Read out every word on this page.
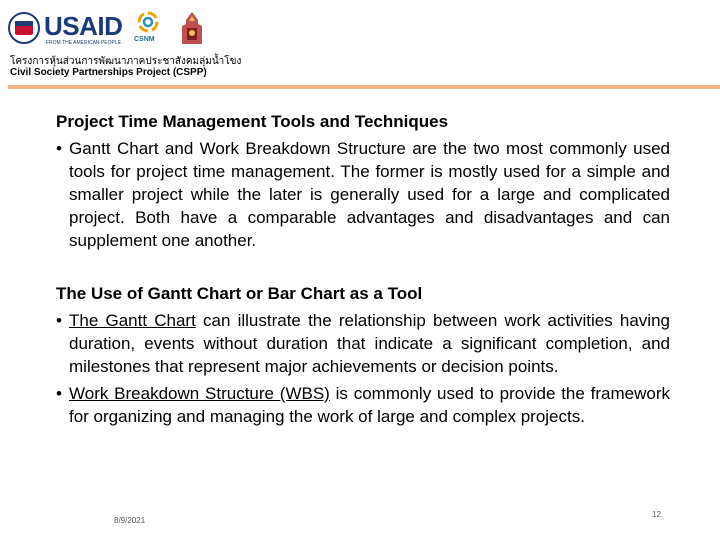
USAID
FROM THE AMERICAN PEOPLE CSNM
โครงการหุ้นส่วนการพัฒนาภาคประชาสังคมลุ่มน้ำโขง
Civil Society Partnerships Project (CSPP)

Project Time Management Tools and Techniques

• Gantt Chart and Work Breakdown Structure are the two most commonly used tools for project time management. The former is mostly used for a simple and smaller project while the later is generally used for a large and complicated project. Both have a comparable advantages and disadvantages and can supplement one another.

The Use of Gantt Chart or Bar Chart as a Tool

• The Gantt Chart can illustrate the relationship between work activities having duration, events without duration that indicate a significant completion, and milestones that represent major achievements or decision points.

• Work Breakdown Structure (WBS) is commonly used to provide the framework for organizing and managing the work of large and complex projects.

8/9/2021
12
